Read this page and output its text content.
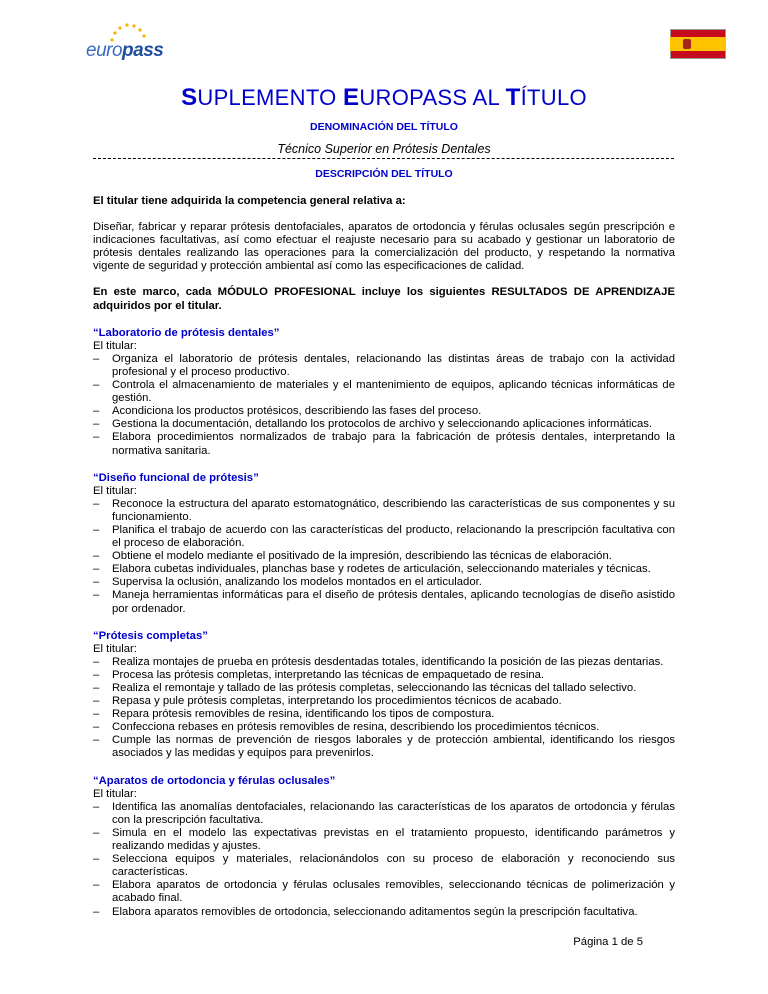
europass
SUPLEMENTO EUROPASS AL TÍTULO
DENOMINACIÓN DEL TÍTULO
Técnico Superior en Prótesis Dentales
DESCRIPCIÓN DEL TÍTULO

El titular tiene adquirida la competencia general relativa a:

Diseñar, fabricar y reparar prótesis dentofaciales, aparatos de ortodoncia y férulas oclusales según prescripción e indicaciones facultativas, así como efectuar el reajuste necesario para su acabado y gestionar un laboratorio de prótesis dentales realizando las operaciones para la comercialización del producto, y respetando la normativa vigente de seguridad y protección ambiental así como las especificaciones de calidad.

En este marco, cada MÓDULO PROFESIONAL incluye los siguientes RESULTADOS DE APRENDIZAJE adquiridos por el titular.

“Laboratorio de prótesis dentales”
El titular:
– Organiza el laboratorio de prótesis dentales, relacionando las distintas áreas de trabajo con la actividad profesional y el proceso productivo.
– Controla el almacenamiento de materiales y el mantenimiento de equipos, aplicando técnicas informáticas de gestión.
– Acondiciona los productos protésicos, describiendo las fases del proceso.
– Gestiona la documentación, detallando los protocolos de archivo y seleccionando aplicaciones informáticas.
– Elabora procedimientos normalizados de trabajo para la fabricación de prótesis dentales, interpretando la normativa sanitaria.
“Diseño funcional de prótesis”
El titular:
– Reconoce la estructura del aparato estomatognático, describiendo las características de sus componentes y su funcionamiento.
– Planifica el trabajo de acuerdo con las características del producto, relacionando la prescripción facultativa con el proceso de elaboración.
– Obtiene el modelo mediante el positivado de la impresión, describiendo las técnicas de elaboración.
– Elabora cubetas individuales, planchas base y rodetes de articulación, seleccionando materiales y técnicas.
– Supervisa la oclusión, analizando los modelos montados en el articulador.
– Maneja herramientas informáticas para el diseño de prótesis dentales, aplicando tecnologías de diseño asistido por ordenador.
“Prótesis completas”
El titular:
– Realiza montajes de prueba en prótesis desdentadas totales, identificando la posición de las piezas dentarias.
– Procesa las prótesis completas, interpretando las técnicas de empaquetado de resina.
– Realiza el remontaje y tallado de las prótesis completas, seleccionando las técnicas del tallado selectivo.
– Repasa y pule prótesis completas, interpretando los procedimientos técnicos de acabado.
– Repara prótesis removibles de resina, identificando los tipos de compostura.
– Confecciona rebases en prótesis removibles de resina, describiendo los procedimientos técnicos.
– Cumple las normas de prevención de riesgos laborales y de protección ambiental, identificando los riesgos asociados y las medidas y equipos para prevenirlos.
“Aparatos de ortodoncia y férulas oclusales”
El titular:
– Identifica las anomalías dentofaciales, relacionando las características de los aparatos de ortodoncia y férulas con la prescripción facultativa.
– Simula en el modelo las expectativas previstas en el tratamiento propuesto, identificando parámetros y realizando medidas y ajustes.
– Selecciona equipos y materiales, relacionándolos con su proceso de elaboración y reconociendo sus características.
– Elabora aparatos de ortodoncia y férulas oclusales removibles, seleccionando técnicas de polimerización y acabado final.
– Elabora aparatos removibles de ortodoncia, seleccionando aditamentos según la prescripción facultativa.
Página 1 de 5
